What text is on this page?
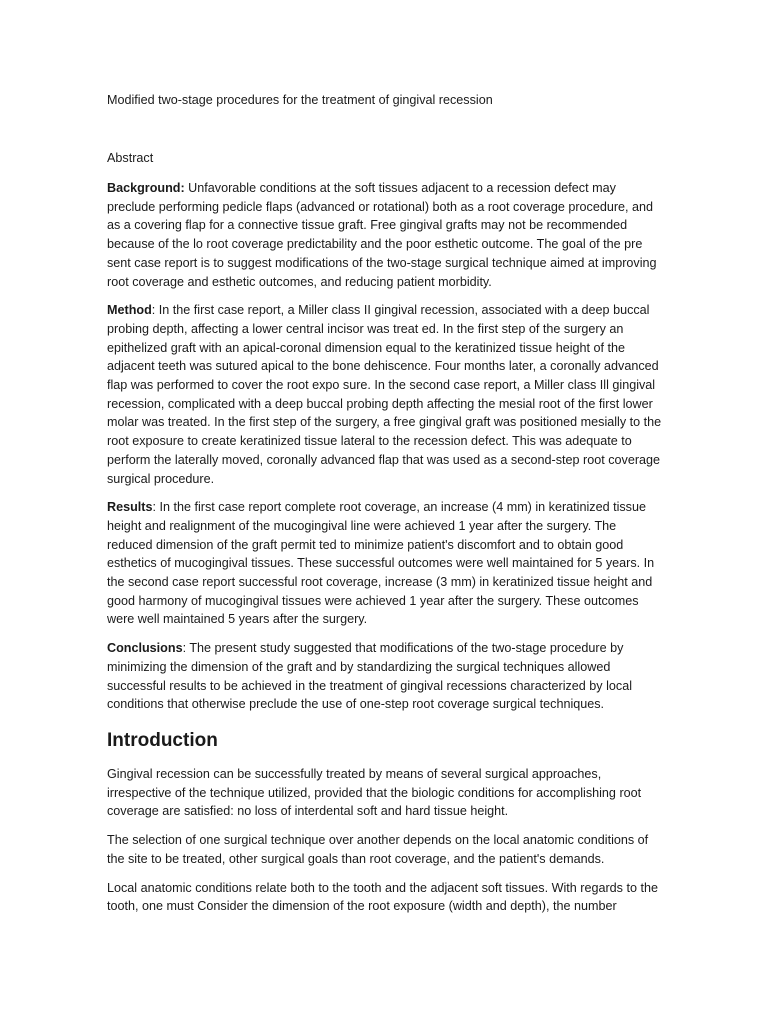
Modified two-stage procedures for the treatment of gingival recession
Abstract

Background: Unfavorable conditions at the soft tissues adjacent to a recession defect may preclude performing pedicle flaps (advanced or rotational) both as a root coverage procedure, and as a covering flap for a connective tissue graft. Free gingival grafts may not be recommended because of the lo root coverage predictability and the poor esthetic outcome. The goal of the pre sent case report is to suggest modifications of the two-stage surgical technique aimed at improving root coverage and esthetic outcomes, and reducing patient morbidity.

Method: In the first case report, a Miller class II gingival recession, associated with a deep buccal probing depth, affecting a lower central incisor was treat ed. In the first step of the surgery an epithelized graft with an apical-coronal dimension equal to the keratinized tissue height of the adjacent teeth was sutured apical to the bone dehiscence. Four months later, a coronally advanced flap was performed to cover the root expo sure. In the second case report, a Miller class Ill gingival recession, complicated with a deep buccal probing depth affecting the mesial root of the first lower molar was treated. In the first step of the surgery, a free gingival graft was positioned mesially to the root exposure to create keratinized tissue lateral to the recession defect. This was adequate to perform the laterally moved, coronally advanced flap that was used as a second-step root coverage surgical procedure.

Results: In the first case report complete root coverage, an increase (4 mm) in keratinized tissue height and realignment of the mucogingival line were achieved 1 year after the surgery. The reduced dimension of the graft permit ted to minimize patient's discomfort and to obtain good esthetics of mucogingival tissues. These successful outcomes were well maintained for 5 years. In the second case report successful root coverage, increase (3 mm) in keratinized tissue height and good harmony of mucogingival tissues were achieved 1 year after the surgery. These outcomes were well maintained 5 years after the surgery.

Conclusions: The present study suggested that modifications of the two-stage procedure by minimizing the dimension of the graft and by standardizing the surgical techniques allowed successful results to be achieved in the treatment of gingival recessions characterized by local conditions that otherwise preclude the use of one-step root coverage surgical techniques.

Introduction

Gingival recession can be successfully treated by means of several surgical approaches, irrespective of the technique utilized, provided that the biologic conditions for accomplishing root coverage are satisfied: no loss of interdental soft and hard tissue height.

The selection of one surgical technique over another depends on the local anatomic conditions of the site to be treated, other surgical goals than root coverage, and the patient's demands.

Local anatomic conditions relate both to the tooth and the adjacent soft tissues. With regards to the tooth, one must Consider the dimension of the root exposure (width and depth), the number
